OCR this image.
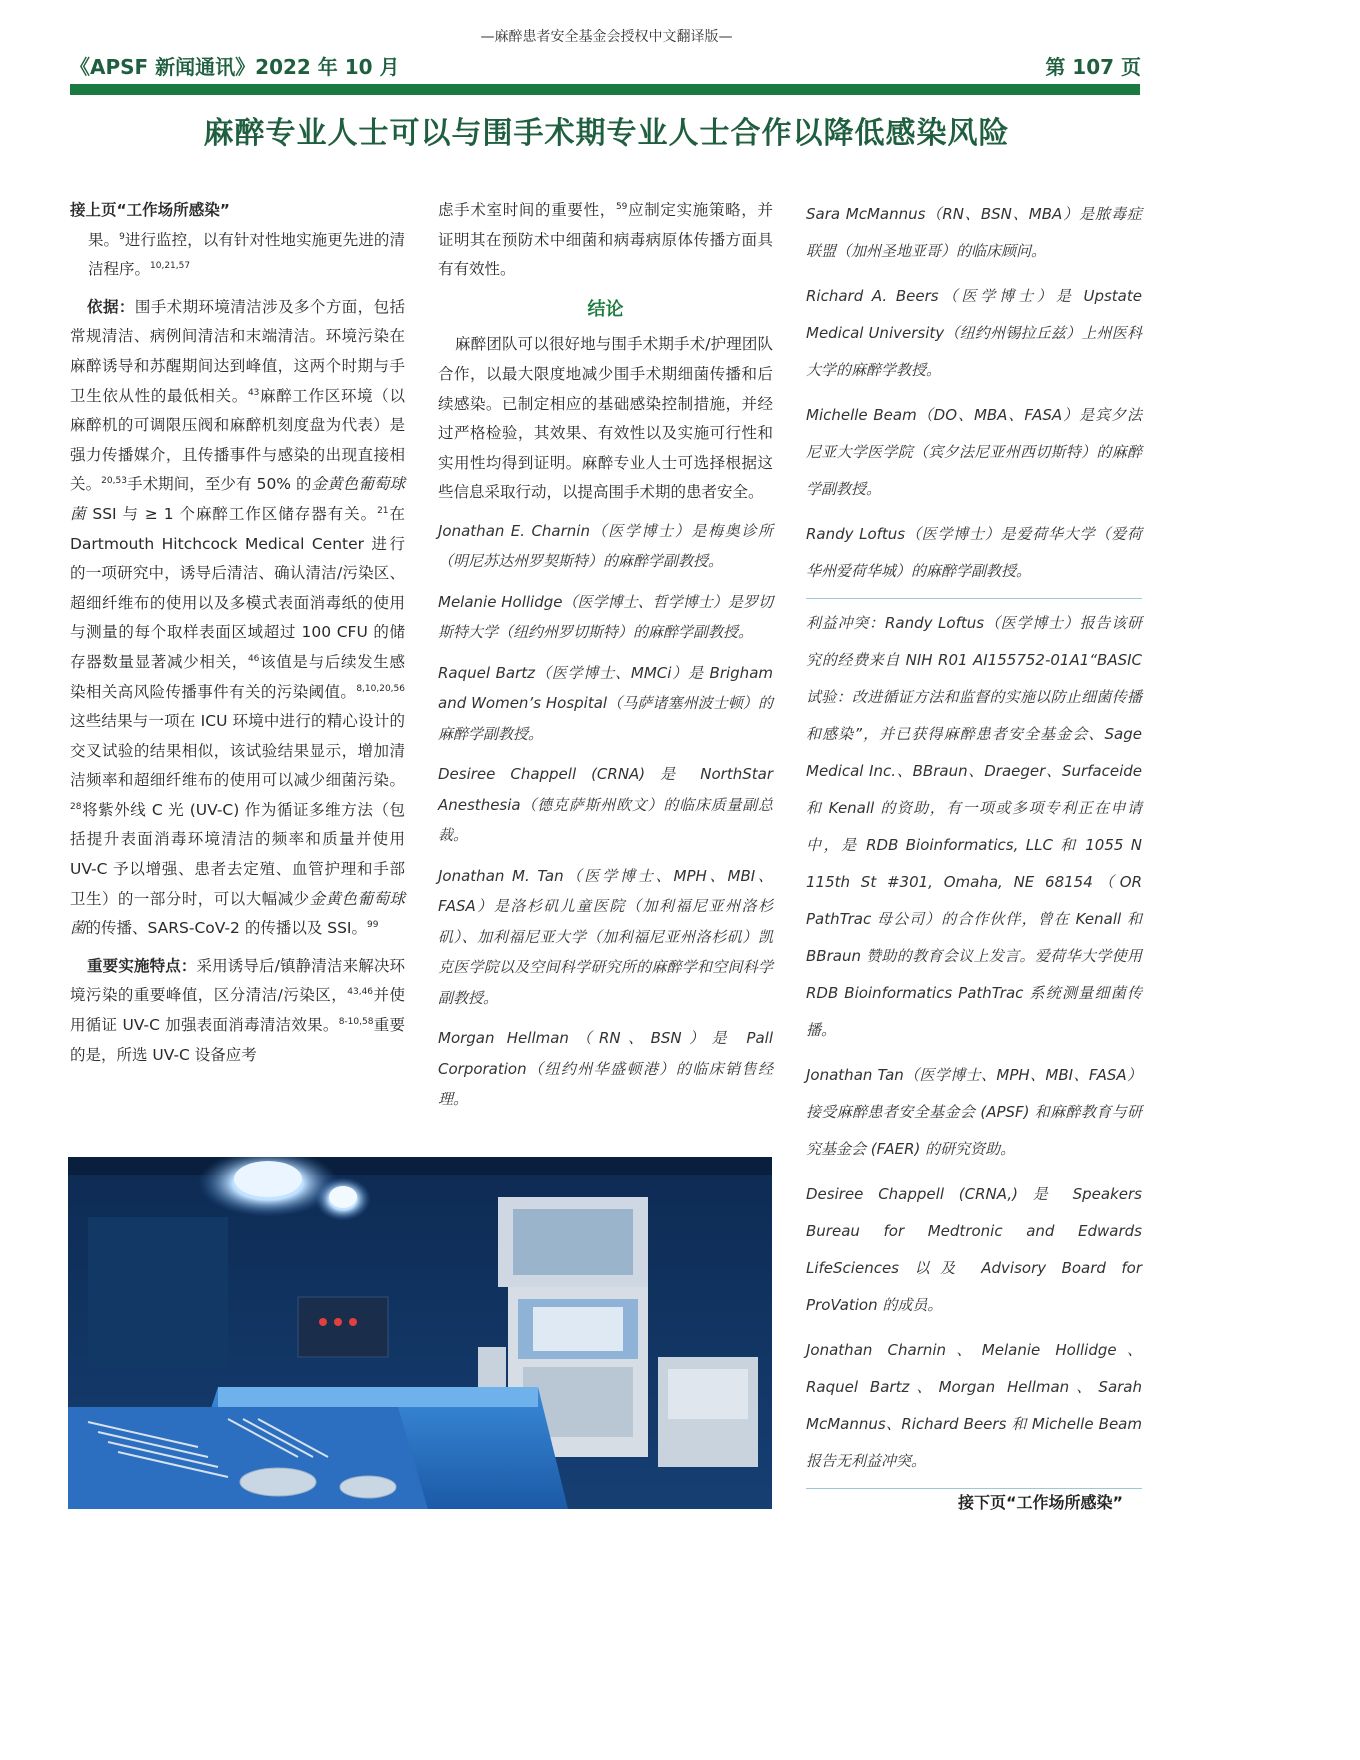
—麻醉患者安全基金会授权中文翻译版—
《APSF 新闻通讯》2022 年 10 月	第 107 页
麻醉专业人士可以与围手术期专业人士合作以降低感染风险

接上页“工作场所感染”

果。$^9$进行监控，以有针对性地实施更先进的清洁程序。$^{10,21,57}$

依据：围手术期环境清洁涉及多个方面，包括常规清洁、病例间清洁和末端清洁。环境污染在麻醉诱导和苏醒期间达到峰值，这两个时期与手卫生依从性的最低相关。$^{43}$麻醉工作区环境（以麻醉机的可调限压阀和麻醉机刻度盘为代表）是强力传播媒介，且传播事件与感染的出现直接相关。$^{20,53}$手术期间，至少有 50% 的金黄色葡萄球菌 SSI 与 ≥ 1 个麻醉工作区储存器有关。$^{21}$在 Dartmouth Hitchcock Medical Center 进行的一项研究中，诱导后清洁、确认清洁/污染区、超细纤维布的使用以及多模式表面消毒纸的使用与测量的每个取样表面区域超过 100 CFU 的储存器数量显著减少相关，$^{46}$该值是与后续发生感染相关高风险传播事件有关的污染阈值。$^{8,10,20,56}$这些结果与一项在 ICU 环境中进行的精心设计的交叉试验的结果相似，该试验结果显示，增加清洁频率和超细纤维布的使用可以减少细菌污染。$^{28}$将紫外线 C 光 (UV-C) 作为循证多维方法（包括提升表面消毒环境清洁的频率和质量并使用 UV-C 予以增强、患者去定殖、血管护理和手部卫生）的一部分时，可以大幅减少金黄色葡萄球菌的传播、SARS-CoV-2 的传播以及 SSI。$^{99}$

重要实施特点：采用诱导后/镇静清洁来解决环境污染的重要峰值，区分清洁/污染区，$^{43,46}$并使用循证 UV-C 加强表面消毒清洁效果。$^{8-10,58}$重要的是，所选 UV-C 设备应考

虑手术室时间的重要性，$^{59}$应制定实施策略，并证明其在预防术中细菌和病毒病原体传播方面具有有效性。

结论

麻醉团队可以很好地与围手术期手术/护理团队合作，以最大限度地减少围手术期细菌传播和后续感染。已制定相应的基础感染控制措施，并经过严格检验，其效果、有效性以及实施可行性和实用性均得到证明。麻醉专业人士可选择根据这些信息采取行动，以提高围手术期的患者安全。

Jonathan E. Charnin（医学博士）是梅奥诊所（明尼苏达州罗契斯特）的麻醉学副教授。

Melanie Hollidge（医学博士、哲学博士）是罗切斯特大学（纽约州罗切斯特）的麻醉学副教授。

Raquel Bartz（医学博士、MMCi）是 Brigham and Women’s Hospital（马萨诸塞州波士顿）的麻醉学副教授。

Desiree Chappell (CRNA) 是 NorthStar Anesthesia（德克萨斯州欧文）的临床质量副总裁。

Jonathan M. Tan（医学博士、MPH、MBI、FASA）是洛杉矶儿童医院（加利福尼亚州洛杉矶）、加利福尼亚大学（加利福尼亚州洛杉矶）凯克医学院以及空间科学研究所的麻醉学和空间科学副教授。

Morgan Hellman（RN、BSN）是 Pall Corporation（纽约州华盛顿港）的临床销售经理。

Sara McMannus（RN、BSN、MBA）是脓毒症联盟（加州圣地亚哥）的临床顾问。

Richard A. Beers（医学博士）是 Upstate Medical University（纽约州锡拉丘兹）上州医科大学的麻醉学教授。

Michelle Beam（DO、MBA、FASA）是宾夕法尼亚大学医学院（宾夕法尼亚州西切斯特）的麻醉学副教授。

Randy Loftus（医学博士）是爱荷华大学（爱荷华州爱荷华城）的麻醉学副教授。

利益冲突：Randy Loftus（医学博士）报告该研究的经费来自 NIH R01 AI155752-01A1“BASIC 试验：改进循证方法和监督的实施以防止细菌传播和感染”，并已获得麻醉患者安全基金会、Sage Medical Inc.、BBraun、Draeger、Surfaceide 和 Kenall 的资助，有一项或多项专利正在申请中，是 RDB Bioinformatics, LLC 和 1055 N 115th St #301, Omaha, NE 68154（OR PathTrac 母公司）的合作伙伴，曾在 Kenall 和 BBraun 赞助的教育会议上发言。爱荷华大学使用 RDB Bioinformatics PathTrac 系统测量细菌传播。

Jonathan Tan（医学博士、MPH、MBI、FASA）接受麻醉患者安全基金会 (APSF) 和麻醉教育与研究基金会 (FAER) 的研究资助。

Desiree Chappell (CRNA,) 是 Speakers Bureau for Medtronic and Edwards LifeSciences 以及 Advisory Board for ProVation 的成员。

Jonathan Charnin、Melanie Hollidge、Raquel Bartz、Morgan Hellman、Sarah McMannus、Richard Beers 和 Michelle Beam 报告无利益冲突。

接下页“工作场所感染”
